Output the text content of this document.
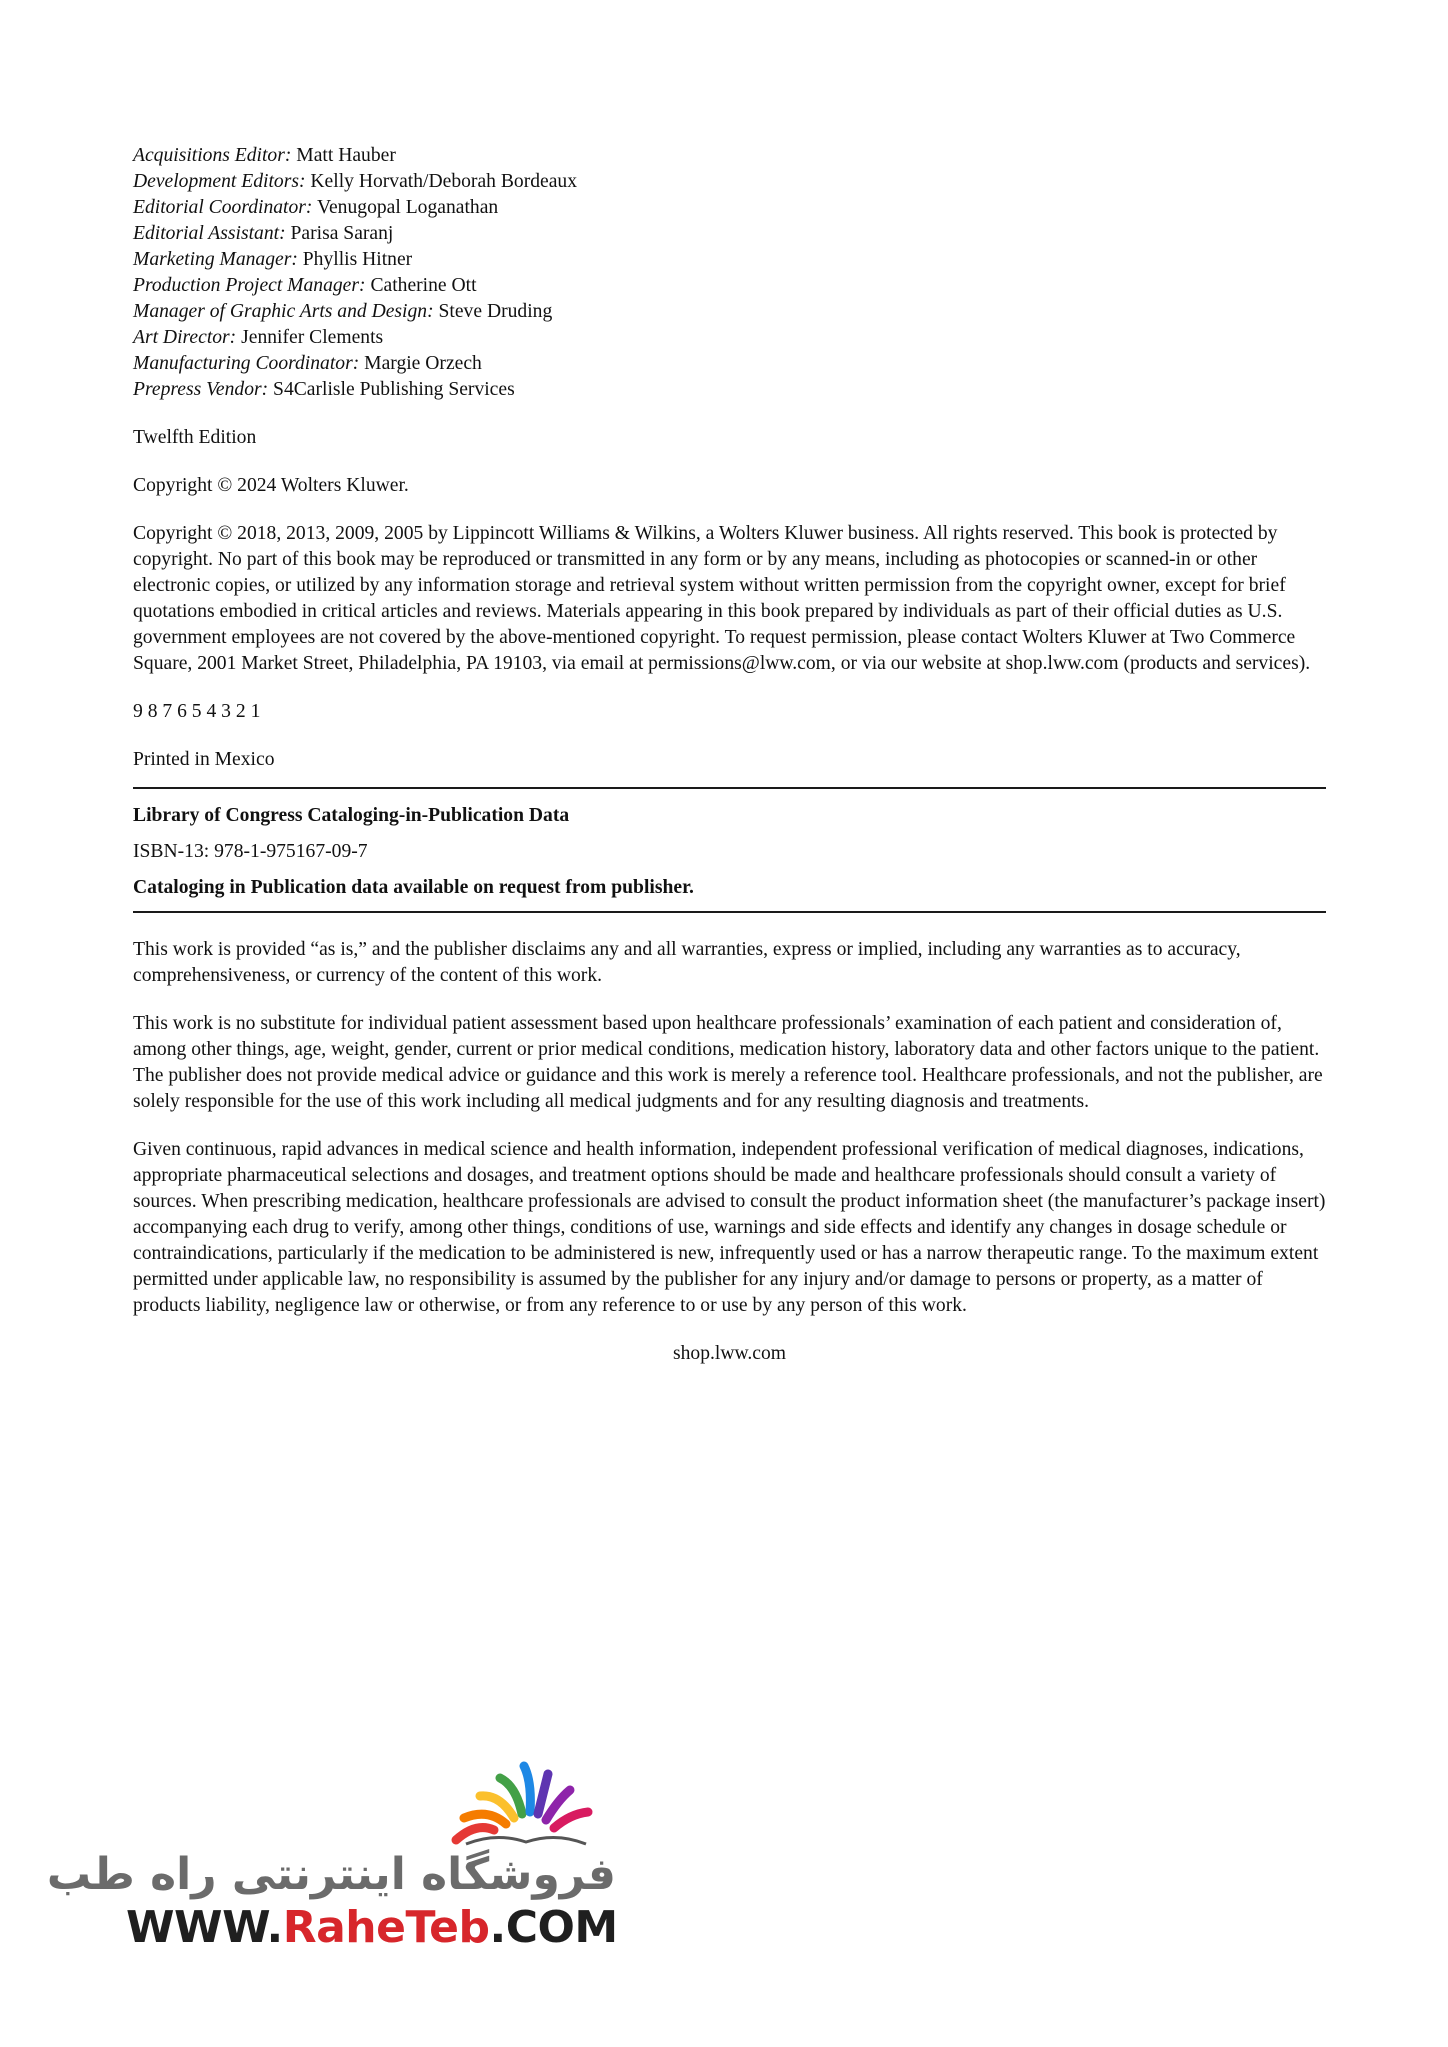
Acquisitions Editor: Matt Hauber
Development Editors: Kelly Horvath/Deborah Bordeaux
Editorial Coordinator: Venugopal Loganathan
Editorial Assistant: Parisa Saranj
Marketing Manager: Phyllis Hitner
Production Project Manager: Catherine Ott
Manager of Graphic Arts and Design: Steve Druding
Art Director: Jennifer Clements
Manufacturing Coordinator: Margie Orzech
Prepress Vendor: S4Carlisle Publishing Services

Twelfth Edition

Copyright © 2024 Wolters Kluwer.

Copyright © 2018, 2013, 2009, 2005 by Lippincott Williams & Wilkins, a Wolters Kluwer business. All rights reserved. This book is protected by copyright. No part of this book may be reproduced or transmitted in any form or by any means, including as photocopies or scanned-in or other electronic copies, or utilized by any information storage and retrieval system without written permission from the copyright owner, except for brief quotations embodied in critical articles and reviews. Materials appearing in this book prepared by individuals as part of their official duties as U.S. government employees are not covered by the above-mentioned copyright. To request permission, please contact Wolters Kluwer at Two Commerce Square, 2001 Market Street, Philadelphia, PA 19103, via email at permissions@lww.com, or via our website at shop.lww.com (products and services).

9 8 7 6 5 4 3 2 1

Printed in Mexico

Library of Congress Cataloging-in-Publication Data

ISBN-13: 978-1-975167-09-7

Cataloging in Publication data available on request from publisher.

This work is provided “as is,” and the publisher disclaims any and all warranties, express or implied, including any warranties as to accuracy, comprehensiveness, or currency of the content of this work.

This work is no substitute for individual patient assessment based upon healthcare professionals’ examination of each patient and consideration of, among other things, age, weight, gender, current or prior medical conditions, medication history, laboratory data and other factors unique to the patient. The publisher does not provide medical advice or guidance and this work is merely a reference tool. Healthcare professionals, and not the publisher, are solely responsible for the use of this work including all medical judgments and for any resulting diagnosis and treatments.

Given continuous, rapid advances in medical science and health information, independent professional verification of medical diagnoses, indications, appropriate pharmaceutical selections and dosages, and treatment options should be made and healthcare professionals should consult a variety of sources. When prescribing medication, healthcare professionals are advised to consult the product information sheet (the manufacturer’s package insert) accompanying each drug to verify, among other things, conditions of use, warnings and side effects and identify any changes in dosage schedule or contraindications, particularly if the medication to be administered is new, infrequently used or has a narrow therapeutic range. To the maximum extent permitted under applicable law, no responsibility is assumed by the publisher for any injury and/or damage to persons or property, as a matter of products liability, negligence law or otherwise, or from any reference to or use by any person of this work.

shop.lww.com

فروشگاه اینترنتی راه طب
WWW.RaheTeb.COM
